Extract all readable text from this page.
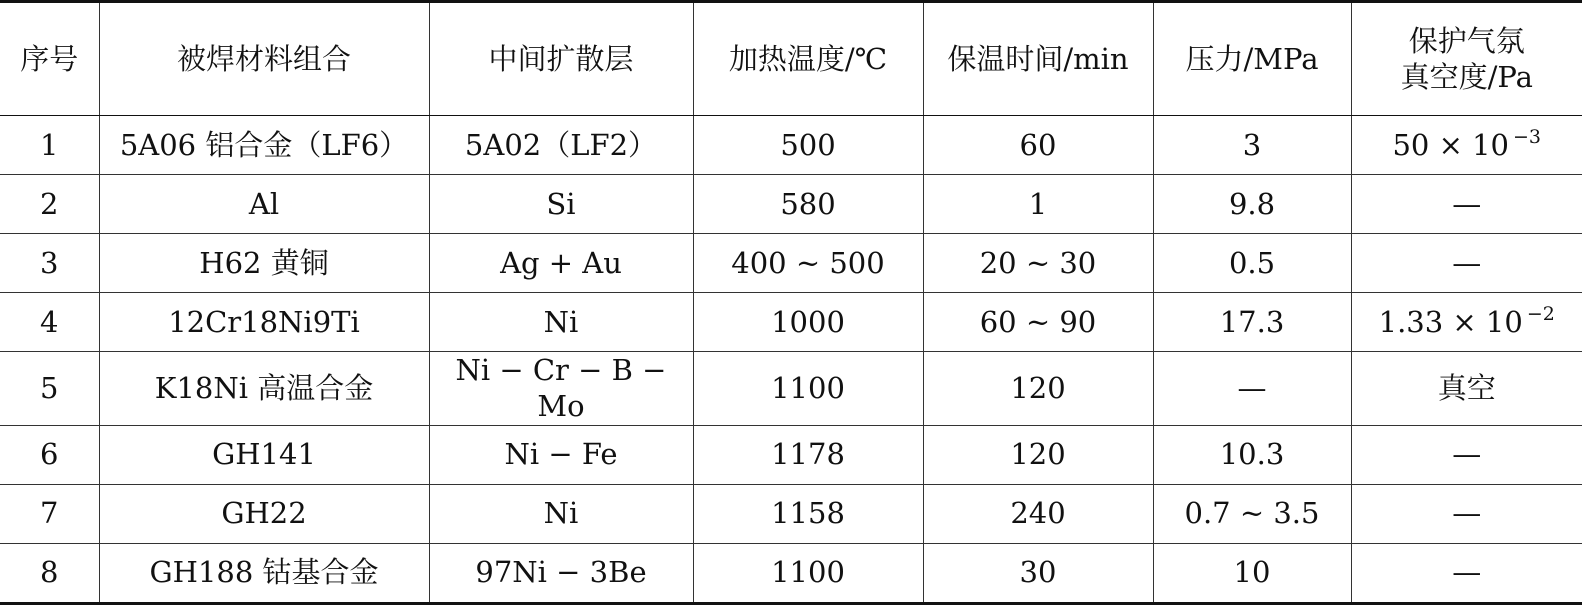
序号	被焊材料组合	中间扩散层	加热温度/℃	保温时间/min	压力/MPa	保护气氛
真空度/Pa

1	5A06 铝合金（LF6）	5A02（LF2）	500	60	3	50 × 10 $^{-3}$
2	Al	Si	580	1	9.8	—
3	H62 黄铜	Ag + Au	400 ~ 500	20 ~ 30	0.5	—
4	12Cr18Ni9Ti	Ni	1000	60 ~ 90	17.3	1.33 × 10 $^{-2}$
5	K18Ni 高温合金	Ni − Cr − B − Mo	1100	120	—	真空
6	GH141	Ni − Fe	1178	120	10.3	—
7	GH22	Ni	1158	240	0.7 ~ 3.5	—
8	GH188 钴基合金	97Ni − 3Be	1100	30	10	—
